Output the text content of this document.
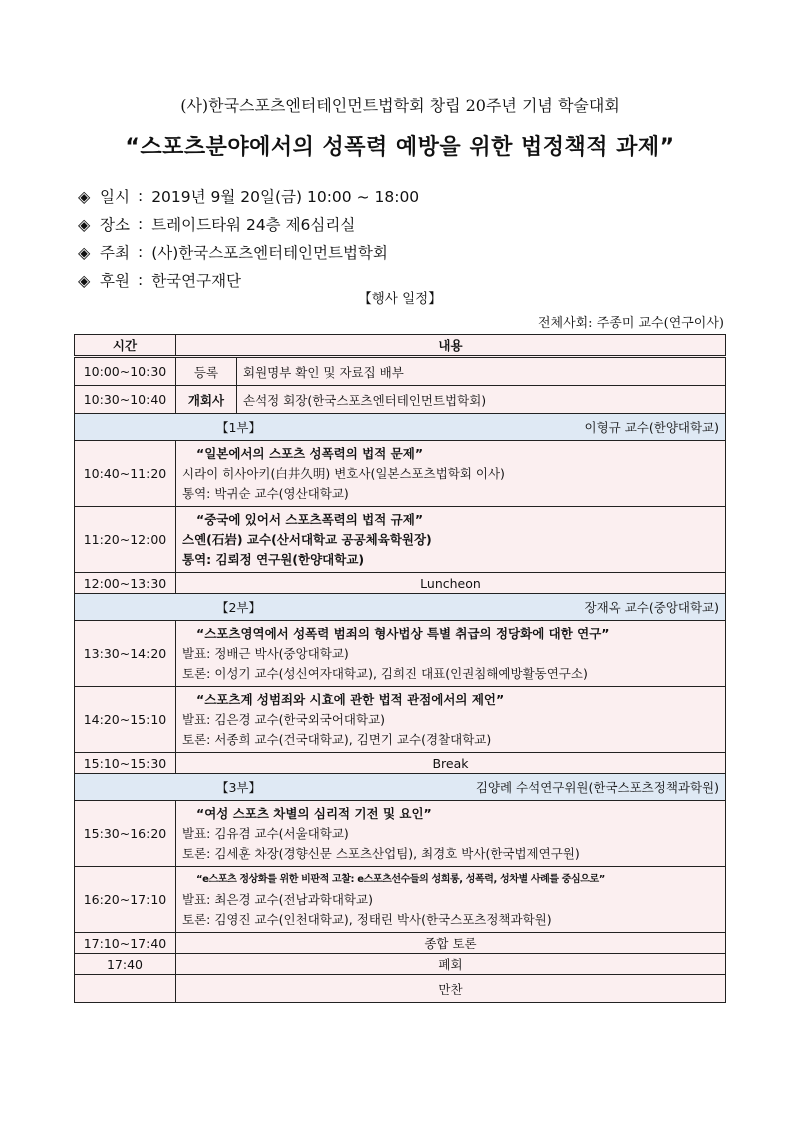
(사)한국스포츠엔터테인먼트법학회 창립 20주년 기념 학술대회
“스포츠분야에서의 성폭력 예방을 위한 법정책적 과제”
◈ 일시 : 2019년 9월 20일(금) 10:00 ~ 18:00
◈ 장소 : 트레이드타워 24층 제6심리실
◈ 주최 : (사)한국스포츠엔터테인먼트법학회
◈ 후원 : 한국연구재단
【행사 일정】
전체사회: 주종미 교수(연구이사)
시간	내용	
10:00~10:30	등록	회원명부 확인 및 자료집 배부
10:30~10:40	개회사	손석정 회장(한국스포츠엔터테인먼트법학회)
【1부】 이형규 교수(한양대학교)		

10:40~11:20	“일본에서의 스포츠 성폭력의 법적 문제”
시라이 히사아키(白井久明) 변호사(일본스포츠법학회 이사)
통역: 박귀순 교수(영산대학교)	

11:20~12:00	“중국에 있어서 스포츠폭력의 법적 규제”
스옌(石岩) 교수(산서대학교 공공체육학원장)
통역: 김뢰정 연구원(한양대학교)	

12:00~13:30	Luncheon	
【2부】 장재옥 교수(중앙대학교)		

13:30~14:20	“스포츠영역에서 성폭력 범죄의 형사법상 특별 취급의 정당화에 대한 연구”
발표: 정배근 박사(중앙대학교)
토론: 이성기 교수(성신여자대학교), 김희진 대표(인권침해예방활동연구소)	

14:20~15:10	“스포츠계 성범죄와 시효에 관한 법적 관점에서의 제언”
발표: 김은경 교수(한국외국어대학교)
토론: 서종희 교수(건국대학교), 김면기 교수(경찰대학교)	

15:10~15:30	Break	
【3부】 김양례 수석연구위원(한국스포츠정책과학원)		

15:30~16:20	“여성 스포츠 차별의 심리적 기전 및 요인”
발표: 김유겸 교수(서울대학교)
토론: 김세훈 차장(경향신문 스포츠산업팀), 최경호 박사(한국법제연구원)	

16:20~17:10	“e스포츠 정상화를 위한 비판적 고찰: e스포츠선수들의 성희롱, 성폭력, 성차별 사례를 중심으로”
발표: 최은경 교수(전남과학대학교)
토론: 김영진 교수(인천대학교), 정태린 박사(한국스포츠정책과학원)	

17:10~17:40	종합 토론	
17:40	폐회	
	만찬	
